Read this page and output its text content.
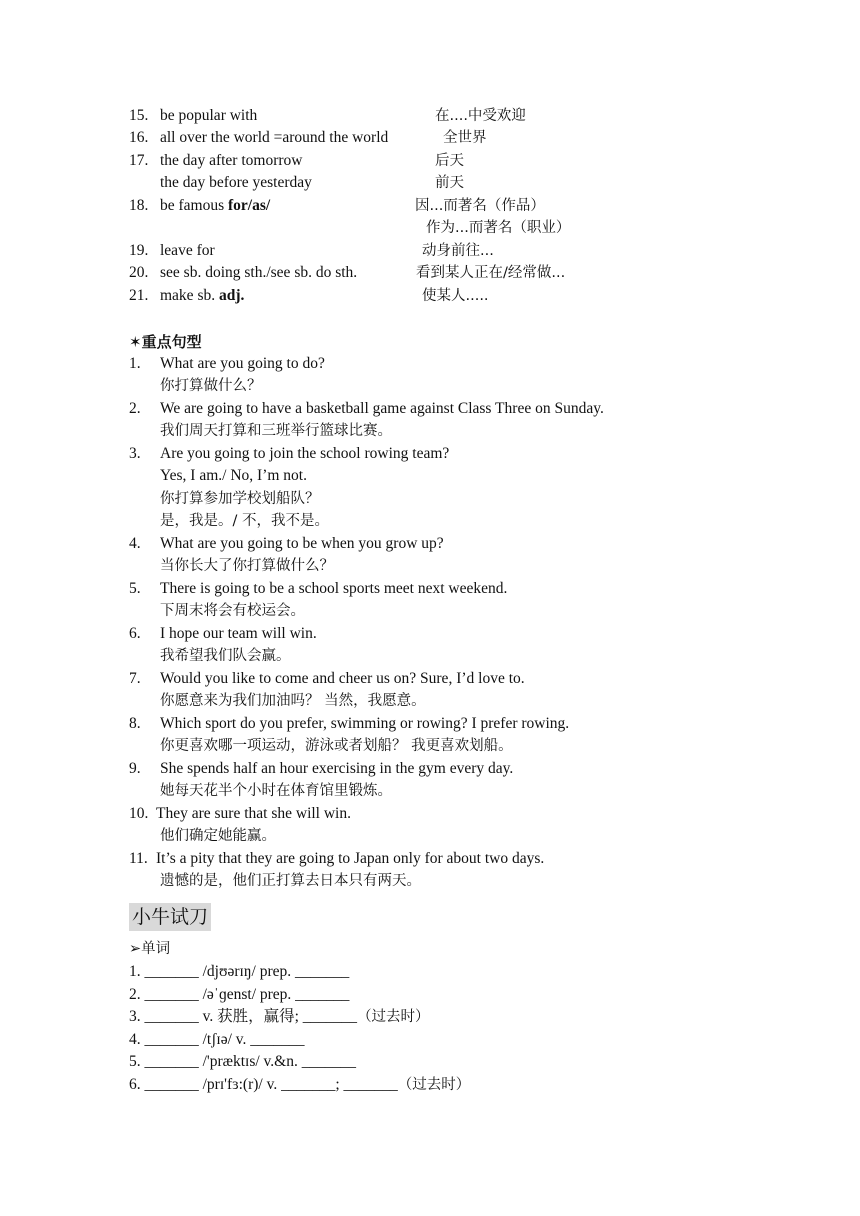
15. be popular with	在....中受欢迎
16. all over the world =around the world	全世界
17. the day after tomorrow	后天
the day before yesterday	前天
18. be famous for/as/	因...而著名（作品）
作为...而著名（职业）
19. leave for	动身前往...
20. see sb. doing sth./see sb. do sth.	看到某人正在/经常做...
21. make sb. adj.	使某人.....
✶重点句型
1. What are you going to do?
你打算做什么？
2. We are going to have a basketball game against Class Three on Sunday.
我们周天打算和三班举行篮球比赛。
3. Are you going to join the school rowing team?
Yes, I am./ No, I’m not.
你打算参加学校划船队？
是，我是。/ 不，我不是。
4. What are you going to be when you grow up?
当你长大了你打算做什么？
5. There is going to be a school sports meet next weekend.
下周末将会有校运会。
6. I hope our team will win.
我希望我们队会赢。
7. Would you like to come and cheer us on? Sure, I’d love to.
你愿意来为我们加油吗？ 当然，我愿意。
8. Which sport do you prefer, swimming or rowing? I prefer rowing.
你更喜欢哪一项运动，游泳或者划船？ 我更喜欢划船。
9. She spends half an hour exercising in the gym every day.
她每天花半个小时在体育馆里锻炼。
10. They are sure that she will win.
他们确定她能赢。
11. It’s a pity that they are going to Japan only for about two days.
遗憾的是，他们正打算去日本只有两天。
小牛试刀
➢单词
1. _______ /djʊərɪŋ/ prep. _______
2. _______ /əˈɡenst/ prep. _______
3. _______ v. 获胜，赢得; _______（过去时）
4. _______ /tʃɪə/ v. _______
5. _______ /'præktɪs/ v.&n. _______
6. _______ /prɪ'fɜ:(r)/ v. _______; _______（过去时）
